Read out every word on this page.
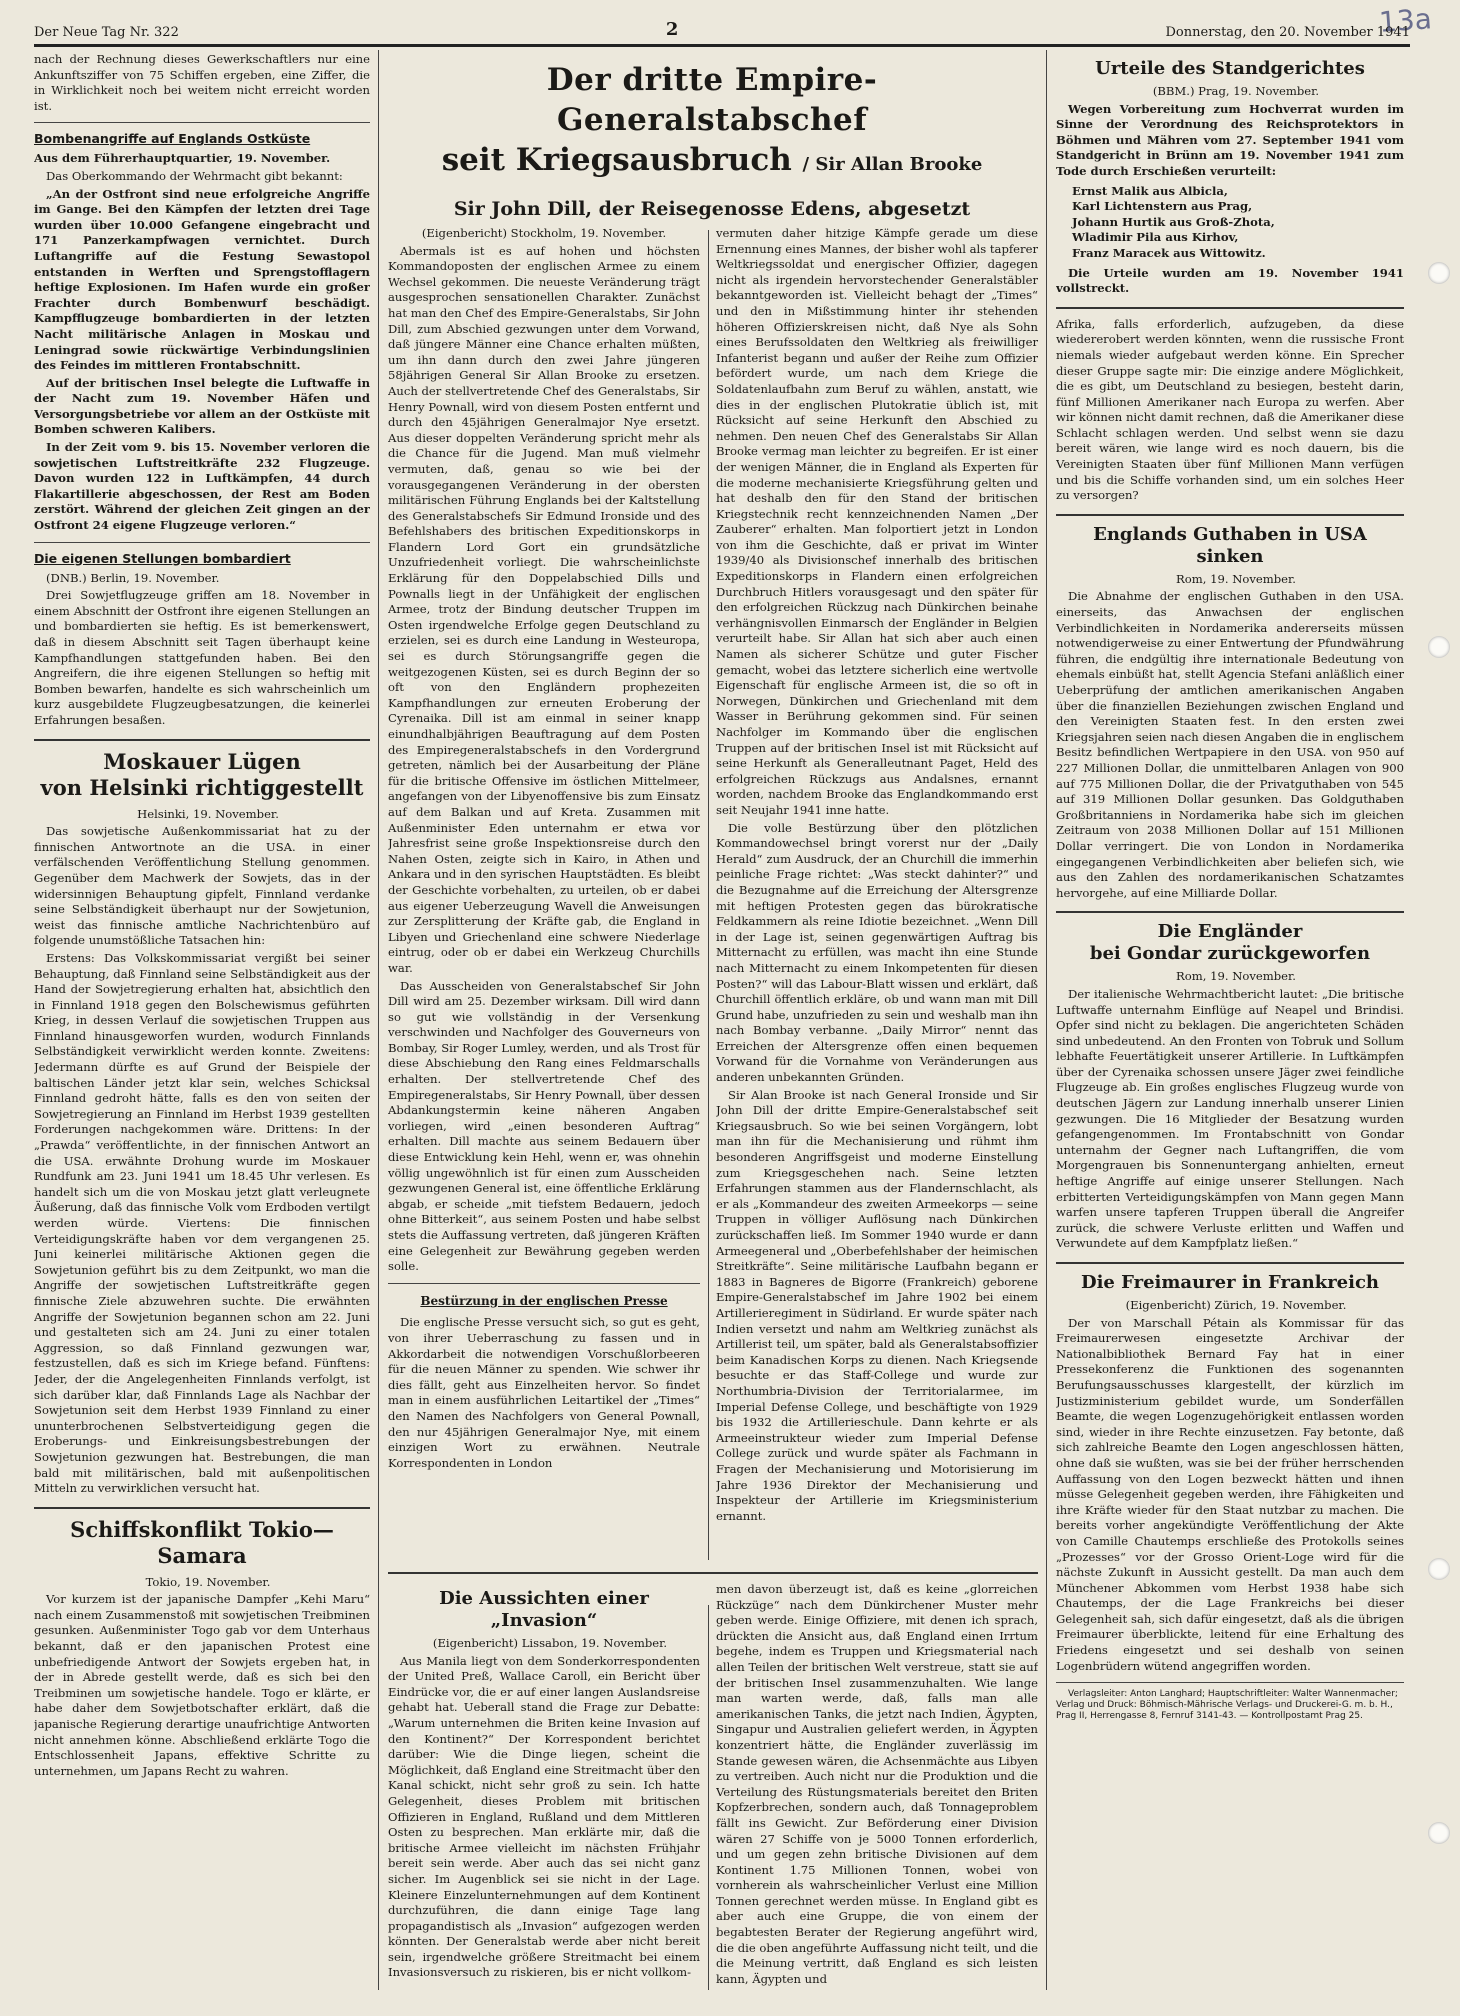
13a
Der Neue Tag Nr. 322	2	Donnerstag, den 20. November 1941

nach der Rechnung dieses Gewerkschaftlers nur eine Ankunftsziffer von 75 Schiffen ergeben, eine Ziffer, die in Wirklichkeit noch bei weitem nicht erreicht worden ist.

Bombenangriffe auf Englands Ostküste

Aus dem Führerhauptquartier, 19. November.

Das Oberkommando der Wehrmacht gibt bekannt:

„An der Ostfront sind neue erfolgreiche Angriffe im Gange. Bei den Kämpfen der letzten drei Tage wurden über 10.000 Gefangene eingebracht und 171 Panzerkampfwagen vernichtet. Durch Luftangriffe auf die Festung Sewastopol entstanden in Werften und Sprengstofflagern heftige Explosionen. Im Hafen wurde ein großer Frachter durch Bombenwurf beschädigt. Kampfflugzeuge bombardierten in der letzten Nacht militärische Anlagen in Moskau und Leningrad sowie rückwärtige Verbindungslinien des Feindes im mittleren Frontabschnitt.

Auf der britischen Insel belegte die Luftwaffe in der Nacht zum 19. November Häfen und Versorgungsbetriebe vor allem an der Ostküste mit Bomben schweren Kalibers.

In der Zeit vom 9. bis 15. November verloren die sowjetischen Luftstreitkräfte 232 Flugzeuge. Davon wurden 122 in Luftkämpfen, 44 durch Flakartillerie abgeschossen, der Rest am Boden zerstört. Während der gleichen Zeit gingen an der Ostfront 24 eigene Flugzeuge verloren.“

Die eigenen Stellungen bombardiert

(DNB.) Berlin, 19. November.

Drei Sowjetflugzeuge griffen am 18. November in einem Abschnitt der Ostfront ihre eigenen Stellungen an und bombardierten sie heftig. Es ist bemerkenswert, daß in diesem Abschnitt seit Tagen überhaupt keine Kampfhandlungen stattgefunden haben. Bei den Angreifern, die ihre eigenen Stellungen so heftig mit Bomben bewarfen, handelte es sich wahrscheinlich um kurz ausgebildete Flugzeugbesatzungen, die keinerlei Erfahrungen besaßen.

Moskauer Lügen
von Helsinki richtiggestellt

Helsinki, 19. November.

Das sowjetische Außenkommissariat hat zu der finnischen Antwortnote an die USA. in einer verfälschenden Veröffentlichung Stellung genommen. Gegenüber dem Machwerk der Sowjets, das in der widersinnigen Behauptung gipfelt, Finnland verdanke seine Selbständigkeit überhaupt nur der Sowjetunion, weist das finnische amtliche Nachrichtenbüro auf folgende unumstößliche Tatsachen hin:

Erstens: Das Volkskommissariat vergißt bei seiner Behauptung, daß Finnland seine Selbständigkeit aus der Hand der Sowjetregierung erhalten hat, absichtlich den in Finnland 1918 gegen den Bolschewismus geführten Krieg, in dessen Verlauf die sowjetischen Truppen aus Finnland hinausgeworfen wurden, wodurch Finnlands Selbständigkeit verwirklicht werden konnte. Zweitens: Jedermann dürfte es auf Grund der Beispiele der baltischen Länder jetzt klar sein, welches Schicksal Finnland gedroht hätte, falls es den von seiten der Sowjetregierung an Finnland im Herbst 1939 gestellten Forderungen nachgekommen wäre. Drittens: In der „Prawda“ veröffentlichte, in der finnischen Antwort an die USA. erwähnte Drohung wurde im Moskauer Rundfunk am 23. Juni 1941 um 18.45 Uhr verlesen. Es handelt sich um die von Moskau jetzt glatt verleugnete Äußerung, daß das finnische Volk vom Erdboden vertilgt werden würde. Viertens: Die finnischen Verteidigungskräfte haben vor dem vergangenen 25. Juni keinerlei militärische Aktionen gegen die Sowjetunion geführt bis zu dem Zeitpunkt, wo man die Angriffe der sowjetischen Luftstreitkräfte gegen finnische Ziele abzuwehren suchte. Die erwähnten Angriffe der Sowjetunion begannen schon am 22. Juni und gestalteten sich am 24. Juni zu einer totalen Aggression, so daß Finnland gezwungen war, festzustellen, daß es sich im Kriege befand. Fünftens: Jeder, der die Angelegenheiten Finnlands verfolgt, ist sich darüber klar, daß Finnlands Lage als Nachbar der Sowjetunion seit dem Herbst 1939 Finnland zu einer ununterbrochenen Selbstverteidigung gegen die Eroberungs- und Einkreisungsbestrebungen der Sowjetunion gezwungen hat. Bestrebungen, die man bald mit militärischen, bald mit außenpolitischen Mitteln zu verwirklichen versucht hat.

Schiffskonflikt Tokio—Samara

Tokio, 19. November.

Vor kurzem ist der japanische Dampfer „Kehi Maru“ nach einem Zusammenstoß mit sowjetischen Treibminen gesunken. Außenminister Togo gab vor dem Unterhaus bekannt, daß er den japanischen Protest eine unbefriedigende Antwort der Sowjets ergeben hat, in der in Abrede gestellt werde, daß es sich bei den Treibminen um sowjetische handele. Togo er klärte, er habe daher dem Sowjetbotschafter erklärt, daß die japanische Regierung derartige unaufrichtige Antworten nicht annehmen könne. Abschließend erklärte Togo die Entschlossenheit Japans, effektive Schritte zu unternehmen, um Japans Recht zu wahren.

Der dritte Empire-Generalstabschef
seit Kriegsausbruch / Sir Allan Brooke
Sir John Dill, der Reisegenosse Edens, abgesetzt

(Eigenbericht) Stockholm, 19. November.

Abermals ist es auf hohen und höchsten Kommandoposten der englischen Armee zu einem Wechsel gekommen. Die neueste Veränderung trägt ausgesprochen sensationellen Charakter. Zunächst hat man den Chef des Empire-Generalstabs, Sir John Dill, zum Abschied gezwungen unter dem Vorwand, daß jüngere Männer eine Chance erhalten müßten, um ihn dann durch den zwei Jahre jüngeren 58jährigen General Sir Allan Brooke zu ersetzen. Auch der stellvertretende Chef des Generalstabs, Sir Henry Pownall, wird von diesem Posten entfernt und durch den 45jährigen Generalmajor Nye ersetzt. Aus dieser doppelten Veränderung spricht mehr als die Chance für die Jugend. Man muß vielmehr vermuten, daß, genau so wie bei der vorausgegangenen Veränderung in der obersten militärischen Führung Englands bei der Kaltstellung des Generalstabschefs Sir Edmund Ironside und des Befehlshabers des britischen Expeditionskorps in Flandern Lord Gort ein grundsätzliche Unzufriedenheit vorliegt. Die wahrscheinlichste Erklärung für den Doppelabschied Dills und Pownalls liegt in der Unfähigkeit der englischen Armee, trotz der Bindung deutscher Truppen im Osten irgendwelche Erfolge gegen Deutschland zu erzielen, sei es durch eine Landung in Westeuropa, sei es durch Störungsangriffe gegen die weitgezogenen Küsten, sei es durch Beginn der so oft von den Engländern prophezeiten Kampfhandlungen zur erneuten Eroberung der Cyrenaika. Dill ist am einmal in seiner knapp einundhalbjährigen Beauftragung auf dem Posten des Empiregeneralstabschefs in den Vordergrund getreten, nämlich bei der Ausarbeitung der Pläne für die britische Offensive im östlichen Mittelmeer, angefangen von der Libyenoffensive bis zum Einsatz auf dem Balkan und auf Kreta. Zusammen mit Außenminister Eden unternahm er etwa vor Jahresfrist seine große Inspektionsreise durch den Nahen Osten, zeigte sich in Kairo, in Athen und Ankara und in den syrischen Hauptstädten. Es bleibt der Geschichte vorbehalten, zu urteilen, ob er dabei aus eigener Ueberzeugung Wavell die Anweisungen zur Zersplitterung der Kräfte gab, die England in Libyen und Griechenland eine schwere Niederlage eintrug, oder ob er dabei ein Werkzeug Churchills war.

Das Ausscheiden von Generalstabschef Sir John Dill wird am 25. Dezember wirksam. Dill wird dann so gut wie vollständig in der Versenkung verschwinden und Nachfolger des Gouverneurs von Bombay, Sir Roger Lumley, werden, und als Trost für diese Abschiebung den Rang eines Feldmarschalls erhalten. Der stellvertretende Chef des Empiregeneralstabs, Sir Henry Pownall, über dessen Abdankungstermin keine näheren Angaben vorliegen, wird „einen besonderen Auftrag“ erhalten. Dill machte aus seinem Bedauern über diese Entwicklung kein Hehl, wenn er, was ohnehin völlig ungewöhnlich ist für einen zum Ausscheiden gezwungenen General ist, eine öffentliche Erklärung abgab, er scheide „mit tiefstem Bedauern, jedoch ohne Bitterkeit“, aus seinem Posten und habe selbst stets die Auffassung vertreten, daß jüngeren Kräften eine Gelegenheit zur Bewährung gegeben werden solle.

Bestürzung in der englischen Presse

Die englische Presse versucht sich, so gut es geht, von ihrer Ueberraschung zu fassen und in Akkordarbeit die notwendigen Vorschußlorbeeren für die neuen Männer zu spenden. Wie schwer ihr dies fällt, geht aus Einzelheiten hervor. So findet man in einem ausführlichen Leitartikel der „Times“ den Namen des Nachfolgers von General Pownall, den nur 45jährigen Generalmajor Nye, mit einem einzigen Wort zu erwähnen. Neutrale Korrespondenten in London

vermuten daher hitzige Kämpfe gerade um diese Ernennung eines Mannes, der bisher wohl als tapferer Weltkriegssoldat und energischer Offizier, dagegen nicht als irgendein hervorstechender Generalstäbler bekanntgeworden ist. Vielleicht behagt der „Times“ und den in Mißstimmung hinter ihr stehenden höheren Offizierskreisen nicht, daß Nye als Sohn eines Berufssoldaten den Weltkrieg als freiwilliger Infanterist begann und außer der Reihe zum Offizier befördert wurde, um nach dem Kriege die Soldatenlaufbahn zum Beruf zu wählen, anstatt, wie dies in der englischen Plutokratie üblich ist, mit Rücksicht auf seine Herkunft den Abschied zu nehmen. Den neuen Chef des Generalstabs Sir Allan Brooke vermag man leichter zu begreifen. Er ist einer der wenigen Männer, die in England als Experten für die moderne mechanisierte Kriegsführung gelten und hat deshalb den für den Stand der britischen Kriegstechnik recht kennzeichnenden Namen „Der Zauberer“ erhalten. Man folportiert jetzt in London von ihm die Geschichte, daß er privat im Winter 1939/40 als Divisionschef innerhalb des britischen Expeditionskorps in Flandern einen erfolgreichen Durchbruch Hitlers vorausgesagt und den später für den erfolgreichen Rückzug nach Dünkirchen beinahe verhängnisvollen Einmarsch der Engländer in Belgien verurteilt habe. Sir Allan hat sich aber auch einen Namen als sicherer Schütze und guter Fischer gemacht, wobei das letztere sicherlich eine wertvolle Eigenschaft für englische Armeen ist, die so oft in Norwegen, Dünkirchen und Griechenland mit dem Wasser in Berührung gekommen sind. Für seinen Nachfolger im Kommando über die englischen Truppen auf der britischen Insel ist mit Rücksicht auf seine Herkunft als Generalleutnant Paget, Held des erfolgreichen Rückzugs aus Andalsnes, ernannt worden, nachdem Brooke das Englandkommando erst seit Neujahr 1941 inne hatte.

Die volle Bestürzung über den plötzlichen Kommandowechsel bringt vorerst nur der „Daily Herald“ zum Ausdruck, der an Churchill die immerhin peinliche Frage richtet: „Was steckt dahinter?“ und die Bezugnahme auf die Erreichung der Altersgrenze mit heftigen Protesten gegen das bürokratische Feldkammern als reine Idiotie bezeichnet. „Wenn Dill in der Lage ist, seinen gegenwärtigen Auftrag bis Mitternacht zu erfüllen, was macht ihn eine Stunde nach Mitternacht zu einem Inkompetenten für diesen Posten?“ will das Labour-Blatt wissen und erklärt, daß Churchill öffentlich erkläre, ob und wann man mit Dill Grund habe, unzufrieden zu sein und weshalb man ihn nach Bombay verbanne. „Daily Mirror“ nennt das Erreichen der Altersgrenze offen einen bequemen Vorwand für die Vornahme von Veränderungen aus anderen unbekannten Gründen.

Sir Alan Brooke ist nach General Ironside und Sir John Dill der dritte Empire-Generalstabschef seit Kriegsausbruch. So wie bei seinen Vorgängern, lobt man ihn für die Mechanisierung und rühmt ihm besonderen Angriffsgeist und moderne Einstellung zum Kriegsgeschehen nach. Seine letzten Erfahrungen stammen aus der Flandernschlacht, als er als „Kommandeur des zweiten Armeekorps — seine Truppen in völliger Auflösung nach Dünkirchen zurückschaffen ließ. Im Sommer 1940 wurde er dann Armeegeneral und „Oberbefehlshaber der heimischen Streitkräfte“. Seine militärische Laufbahn begann er 1883 in Bagneres de Bigorre (Frankreich) geborene Empire-Generalstabschef im Jahre 1902 bei einem Artillerieregiment in Südirland. Er wurde später nach Indien versetzt und nahm am Weltkrieg zunächst als Artillerist teil, um später, bald als Generalstabsoffizier beim Kanadischen Korps zu dienen. Nach Kriegsende besuchte er das Staff-College und wurde zur Northumbria-Division der Territorialarmee, im Imperial Defense College, und beschäftigte von 1929 bis 1932 die Artillerieschule. Dann kehrte er als Armeeinstrukteur wieder zum Imperial Defense College zurück und wurde später als Fachmann in Fragen der Mechanisierung und Motorisierung im Jahre 1936 Direktor der Mechanisierung und Inspekteur der Artillerie im Kriegsministerium ernannt.

Die Aussichten einer „Invasion“

(Eigenbericht) Lissabon, 19. November.

Aus Manila liegt von dem Sonderkorrespondenten der United Preß, Wallace Caroll, ein Bericht über Eindrücke vor, die er auf einer langen Auslandsreise gehabt hat. Ueberall stand die Frage zur Debatte: „Warum unternehmen die Briten keine Invasion auf den Kontinent?“ Der Korrespondent berichtet darüber: Wie die Dinge liegen, scheint die Möglichkeit, daß England eine Streitmacht über den Kanal schickt, nicht sehr groß zu sein. Ich hatte Gelegenheit, dieses Problem mit britischen Offizieren in England, Rußland und dem Mittleren Osten zu besprechen. Man erklärte mir, daß die britische Armee vielleicht im nächsten Frühjahr bereit sein werde. Aber auch das sei nicht ganz sicher. Im Augenblick sei sie nicht in der Lage. Kleinere Einzelunternehmungen auf dem Kontinent durchzuführen, die dann einige Tage lang propagandistisch als „Invasion“ aufgezogen werden könnten. Der Generalstab werde aber nicht bereit sein, irgendwelche größere Streitmacht bei einem Invasionsversuch zu riskieren, bis er nicht vollkom-

men davon überzeugt ist, daß es keine „glorreichen Rückzüge“ nach dem Dünkirchener Muster mehr geben werde. Einige Offiziere, mit denen ich sprach, drückten die Ansicht aus, daß England einen Irrtum begehe, indem es Truppen und Kriegsmaterial nach allen Teilen der britischen Welt verstreue, statt sie auf der britischen Insel zusammenzuhalten. Wie lange man warten werde, daß, falls man alle amerikanischen Tanks, die jetzt nach Indien, Ägypten, Singapur und Australien geliefert werden, in Ägypten konzentriert hätte, die Engländer zuverlässig im Stande gewesen wären, die Achsenmächte aus Libyen zu vertreiben. Auch nicht nur die Produktion und die Verteilung des Rüstungsmaterials bereitet den Briten Kopfzerbrechen, sondern auch, daß Tonnageproblem fällt ins Gewicht. Zur Beförderung einer Division wären 27 Schiffe von je 5000 Tonnen erforderlich, und um gegen zehn britische Divisionen auf dem Kontinent 1.75 Millionen Tonnen, wobei von vornherein als wahrscheinlicher Verlust eine Million Tonnen gerechnet werden müsse. In England gibt es aber auch eine Gruppe, die von einem der begabtesten Berater der Regierung angeführt wird, die die oben angeführte Auffassung nicht teilt, und die die Meinung vertritt, daß England es sich leisten kann, Ägypten und

Urteile des Standgerichtes

(BBM.) Prag, 19. November.

Wegen Vorbereitung zum Hochverrat wurden im Sinne der Verordnung des Reichsprotektors in Böhmen und Mähren vom 27. September 1941 vom Standgericht in Brünn am 19. November 1941 zum Tode durch Erschießen verurteilt:

Ernst Malik aus Albicla,
Karl Lichtenstern aus Prag,
Johann Hurtik aus Groß-Zhota,
Wladimir Pila aus Kirhov,
Franz Maracek aus Wittowitz.

Die Urteile wurden am 19. November 1941 vollstreckt.

Afrika, falls erforderlich, aufzugeben, da diese wiedererobert werden könnten, wenn die russische Front niemals wieder aufgebaut werden könne. Ein Sprecher dieser Gruppe sagte mir: Die einzige andere Möglichkeit, die es gibt, um Deutschland zu besiegen, besteht darin, fünf Millionen Amerikaner nach Europa zu werfen. Aber wir können nicht damit rechnen, daß die Amerikaner diese Schlacht schlagen werden. Und selbst wenn sie dazu bereit wären, wie lange wird es noch dauern, bis die Vereinigten Staaten über fünf Millionen Mann verfügen und bis die Schiffe vorhanden sind, um ein solches Heer zu versorgen?

Englands Guthaben in USA
sinken

Rom, 19. November.

Die Abnahme der englischen Guthaben in den USA. einerseits, das Anwachsen der englischen Verbindlichkeiten in Nordamerika andererseits müssen notwendigerweise zu einer Entwertung der Pfundwährung führen, die endgültig ihre internationale Bedeutung von ehemals einbüßt hat, stellt Agencia Stefani anläßlich einer Ueberprüfung der amtlichen amerikanischen Angaben über die finanziellen Beziehungen zwischen England und den Vereinigten Staaten fest. In den ersten zwei Kriegsjahren seien nach diesen Angaben die in englischem Besitz befindlichen Wertpapiere in den USA. von 950 auf 227 Millionen Dollar, die unmittelbaren Anlagen von 900 auf 775 Millionen Dollar, die der Privatguthaben von 545 auf 319 Millionen Dollar gesunken. Das Goldguthaben Großbritanniens in Nordamerika habe sich im gleichen Zeitraum von 2038 Millionen Dollar auf 151 Millionen Dollar verringert. Die von London in Nordamerika eingegangenen Verbindlichkeiten aber beliefen sich, wie aus den Zahlen des nordamerikanischen Schatzamtes hervorgehe, auf eine Milliarde Dollar.

Die Engländer
bei Gondar zurückgeworfen

Rom, 19. November.

Der italienische Wehrmachtbericht lautet: „Die britische Luftwaffe unternahm Einflüge auf Neapel und Brindisi. Opfer sind nicht zu beklagen. Die angerichteten Schäden sind unbedeutend. An den Fronten von Tobruk und Sollum lebhafte Feuertätigkeit unserer Artillerie. In Luftkämpfen über der Cyrenaika schossen unsere Jäger zwei feindliche Flugzeuge ab. Ein großes englisches Flugzeug wurde von deutschen Jägern zur Landung innerhalb unserer Linien gezwungen. Die 16 Mitglieder der Besatzung wurden gefangengenommen. Im Frontabschnitt von Gondar unternahm der Gegner nach Luftangriffen, die vom Morgengrauen bis Sonnenuntergang anhielten, erneut heftige Angriffe auf einige unserer Stellungen. Nach erbitterten Verteidigungskämpfen von Mann gegen Mann warfen unsere tapferen Truppen überall die Angreifer zurück, die schwere Verluste erlitten und Waffen und Verwundete auf dem Kampfplatz ließen.“

Die Freimaurer in Frankreich

(Eigenbericht) Zürich, 19. November.

Der von Marschall Pétain als Kommissar für das Freimaurerwesen eingesetzte Archivar der Nationalbibliothek Bernard Fay hat in einer Pressekonferenz die Funktionen des sogenannten Berufungsausschusses klargestellt, der kürzlich im Justizministerium gebildet wurde, um Sonderfällen Beamte, die wegen Logenzugehörigkeit entlassen worden sind, wieder in ihre Rechte einzusetzen. Fay betonte, daß sich zahlreiche Beamte den Logen angeschlossen hätten, ohne daß sie wußten, was sie bei der früher herrschenden Auffassung von den Logen bezweckt hätten und ihnen müsse Gelegenheit gegeben werden, ihre Fähigkeiten und ihre Kräfte wieder für den Staat nutzbar zu machen. Die bereits vorher angekündigte Veröffentlichung der Akte von Camille Chautemps erschließe des Protokolls seines „Prozesses“ vor der Grosso Orient-Loge wird für die nächste Zukunft in Aussicht gestellt. Da man auch dem Münchener Abkommen vom Herbst 1938 habe sich Chautemps, der die Lage Frankreichs bei dieser Gelegenheit sah, sich dafür eingesetzt, daß als die übrigen Freimaurer überblickte, leitend für eine Erhaltung des Friedens eingesetzt und sei deshalb von seinen Logenbrüdern wütend angegriffen worden.

Verlagsleiter: Anton Langhard; Hauptschriftleiter: Walter Wannenmacher; Verlag und Druck: Böhmisch-Mährische Verlags- und Druckerei-G. m. b. H., Prag II, Herrengasse 8, Fernruf 3141-43. — Kontrollpostamt Prag 25.
